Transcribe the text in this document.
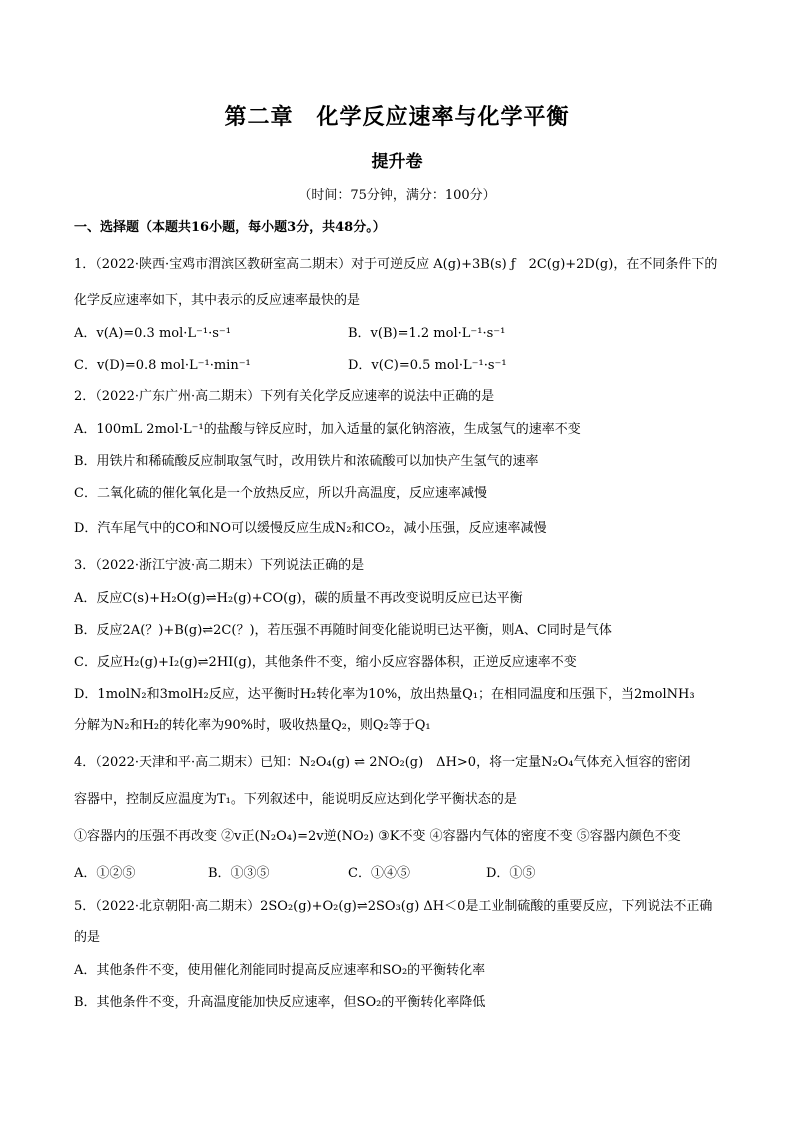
第二章　化学反应速率与化学平衡
提升卷
（时间：75分钟，满分：100分）
一、选择题（本题共16小题，每小题3分，共48分。）
1．（2022·陕西·宝鸡市渭滨区教研室高二期末）对于可逆反应 A(g)+3B(s) ƒ　2C(g)+2D(g)，在不同条件下的
化学反应速率如下，其中表示的反应速率最快的是
A．v(A)=0.3 mol·L⁻¹·s⁻¹	B．v(B)=1.2 mol·L⁻¹·s⁻¹
C．v(D)=0.8 mol·L⁻¹·min⁻¹	D．v(C)=0.5 mol·L⁻¹·s⁻¹
2．（2022·广东广州·高二期末）下列有关化学反应速率的说法中正确的是
A．100mL 2mol·L⁻¹的盐酸与锌反应时，加入适量的氯化钠溶液，生成氢气的速率不变
B．用铁片和稀硫酸反应制取氢气时，改用铁片和浓硫酸可以加快产生氢气的速率
C．二氧化硫的催化氧化是一个放热反应，所以升高温度，反应速率减慢
D．汽车尾气中的CO和NO可以缓慢反应生成N₂和CO₂，减小压强，反应速率减慢
3．（2022·浙江宁波·高二期末）下列说法正确的是
A．反应C(s)+H₂O(g)⇌H₂(g)+CO(g)，碳的质量不再改变说明反应已达平衡
B．反应2A(？)+B(g)⇌2C(？)，若压强不再随时间变化能说明已达平衡，则A、C同时是气体
C．反应H₂(g)+I₂(g)⇌2HI(g)，其他条件不变，缩小反应容器体积，正逆反应速率不变
D．1molN₂和3molH₂反应，达平衡时H₂转化率为10%，放出热量Q₁；在相同温度和压强下，当2molNH₃
分解为N₂和H₂的转化率为90%时，吸收热量Q₂，则Q₂等于Q₁
4．（2022·天津和平·高二期末）已知：N₂O₄(g) ⇌ 2NO₂(g)　ΔH>0，将一定量N₂O₄气体充入恒容的密闭
容器中，控制反应温度为T₁。下列叙述中，能说明反应达到化学平衡状态的是
①容器内的压强不再改变 ②v正(N₂O₄)=2v逆(NO₂) ③K不变 ④容器内气体的密度不变 ⑤容器内颜色不变
A．①②⑤	B．①③⑤	C．①④⑤	D．①⑤
5．（2022·北京朝阳·高二期末）2SO₂(g)+O₂(g)⇌2SO₃(g) ΔH＜0是工业制硫酸的重要反应，下列说法不正确
的是
A．其他条件不变，使用催化剂能同时提高反应速率和SO₂的平衡转化率
B．其他条件不变，升高温度能加快反应速率，但SO₂的平衡转化率降低
